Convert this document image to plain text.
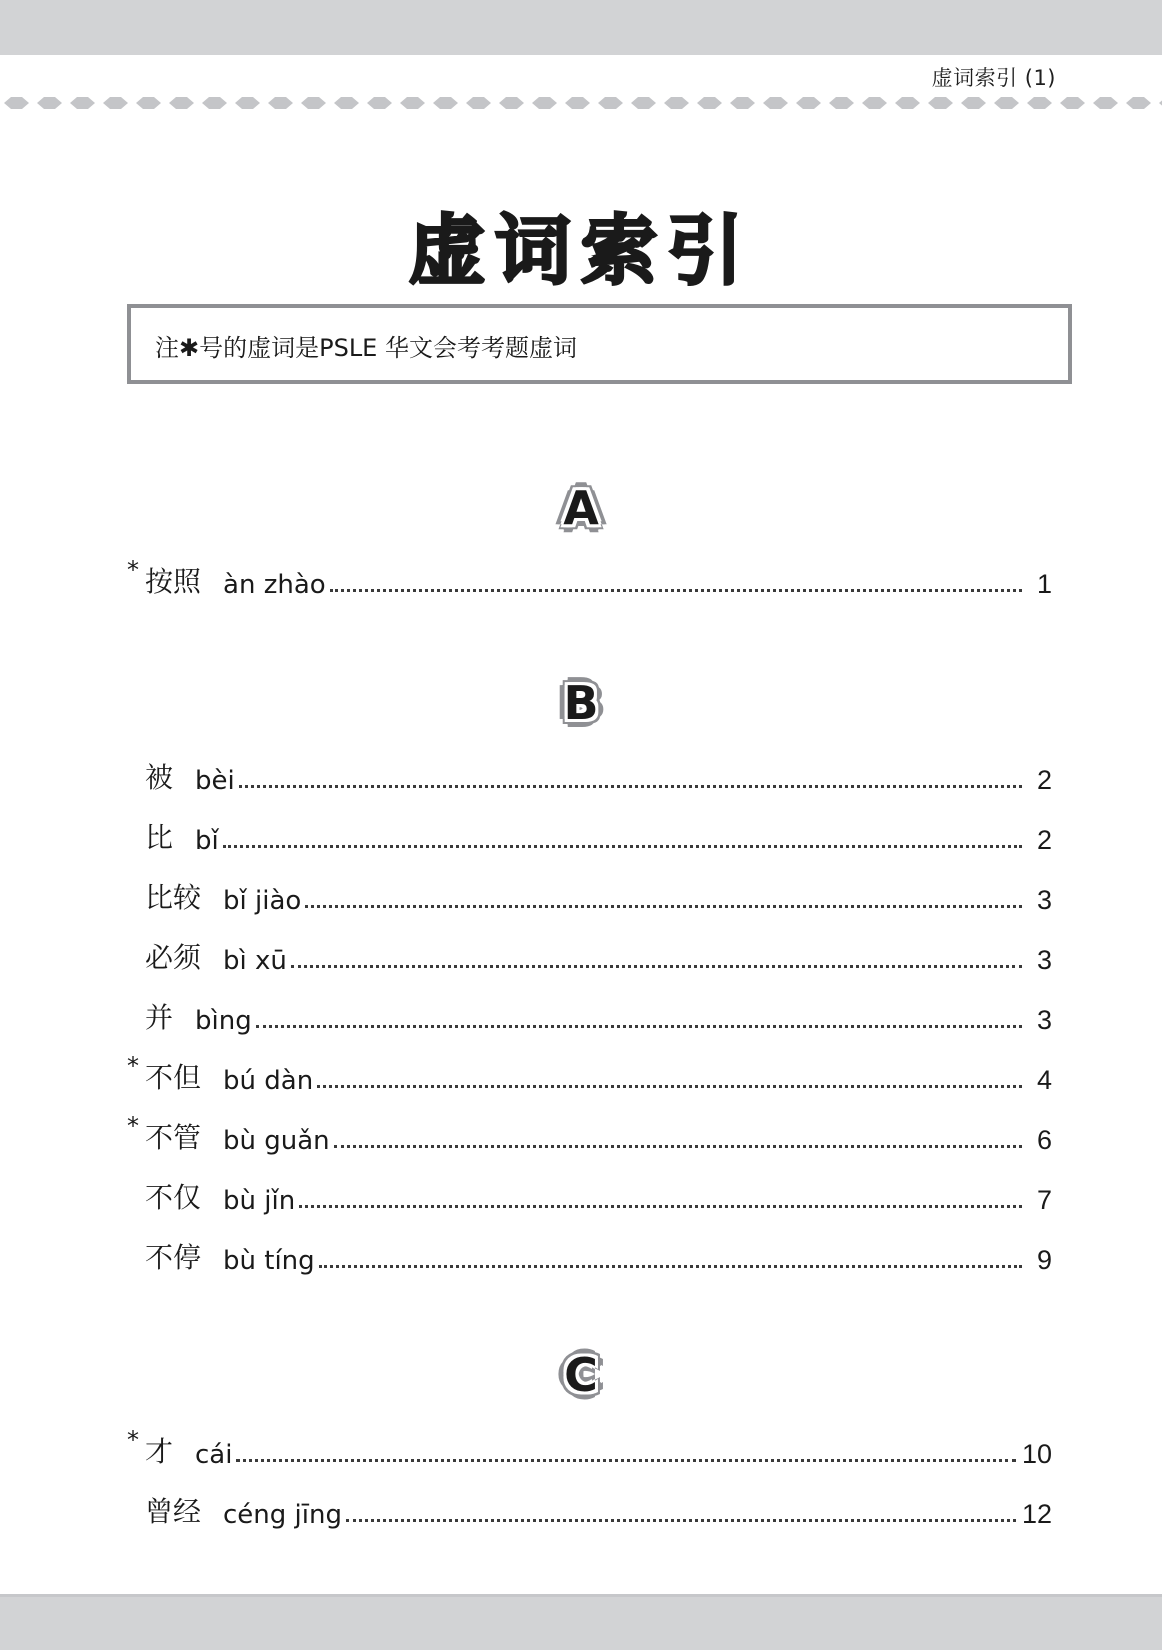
虚词索引 (1)
虚词索引
注✱号的虚词是PSLE 华文会考考题虚词
A
* 按照 àn zhào	1
B
被 bèi	2
比 bǐ	2
比较 bǐ jiào	3
必须 bì xū	3
并 bìng	3
* 不但 bú dàn	4
* 不管 bù guǎn	6
不仅 bù jǐn	7
不停 bù tíng	9
C
* 才 cái	10
曾经 céng jīng	12
